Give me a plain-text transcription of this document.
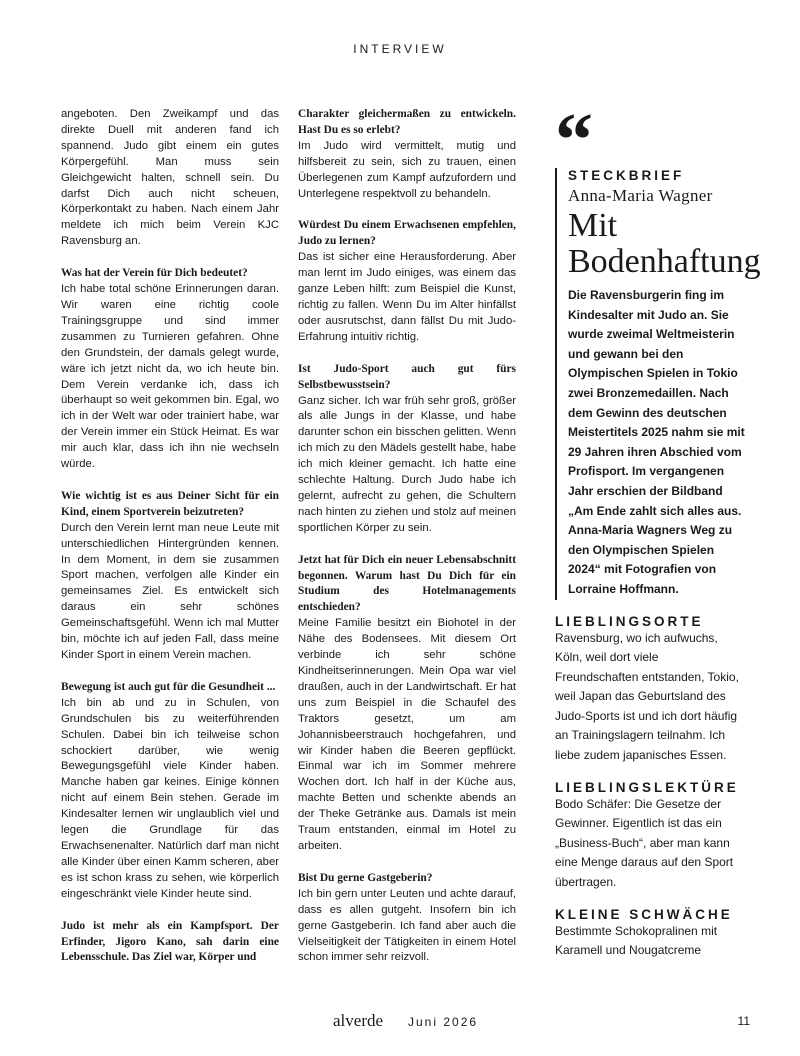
INTERVIEW

angeboten. Den Zweikampf und das direkte Duell mit anderen fand ich spannend. Judo gibt einem ein gutes Körpergefühl. Man muss sein Gleichgewicht halten, schnell sein. Du darfst Dich auch nicht scheuen, Körperkontakt zu haben. Nach einem Jahr meldete ich mich beim Verein KJC Ravensburg an.

Was hat der Verein für Dich bedeutet?

Ich habe total schöne Erinnerungen daran. Wir waren eine richtig coole Trainingsgruppe und sind immer zusammen zu Turnieren gefahren. Ohne den Grundstein, der damals gelegt wurde, wäre ich jetzt nicht da, wo ich heute bin. Dem Verein verdanke ich, dass ich überhaupt so weit gekommen bin. Egal, wo ich in der Welt war oder trainiert habe, war der Verein immer ein Stück Heimat. Es war mir auch klar, dass ich ihn nie wechseln würde.

Wie wichtig ist es aus Deiner Sicht für ein Kind, einem Sportverein beizutreten?

Durch den Verein lernt man neue Leute mit unterschiedlichen Hintergründen kennen. In dem Moment, in dem sie zusammen Sport machen, verfolgen alle Kinder ein gemeinsames Ziel. Es entwickelt sich daraus ein sehr schönes Gemeinschaftsgefühl. Wenn ich mal Mutter bin, möchte ich auf jeden Fall, dass meine Kinder Sport in einem Verein machen.

Bewegung ist auch gut für die Gesundheit ...

Ich bin ab und zu in Schulen, von Grundschulen bis zu weiterführenden Schulen. Dabei bin ich teilweise schon schockiert darüber, wie wenig Bewegungsgefühl viele Kinder haben. Manche haben gar keines. Einige können nicht auf einem Bein stehen. Gerade im Kindesalter lernen wir unglaublich viel und legen die Grundlage für das Erwachsenenalter. Natürlich darf man nicht alle Kinder über einen Kamm scheren, aber es ist schon krass zu sehen, wie körperlich eingeschränkt viele Kinder heute sind.

Judo ist mehr als ein Kampfsport. Der Erfinder, Jigoro Kano, sah darin eine Lebensschule. Das Ziel war, Körper und

Charakter gleichermaßen zu entwickeln. Hast Du es so erlebt?

Im Judo wird vermittelt, mutig und hilfsbereit zu sein, sich zu trauen, einen Überlegenen zum Kampf aufzufordern und Unterlegene respektvoll zu behandeln.

Würdest Du einem Erwachsenen empfehlen, Judo zu lernen?

Das ist sicher eine Herausforderung. Aber man lernt im Judo einiges, was einem das ganze Leben hilft: zum Beispiel die Kunst, richtig zu fallen. Wenn Du im Alter hinfällst oder ausrutschst, dann fällst Du mit Judo-Erfahrung intuitiv richtig.

Ist Judo-Sport auch gut fürs Selbstbewusstsein?

Ganz sicher. Ich war früh sehr groß, größer als alle Jungs in der Klasse, und habe darunter schon ein bisschen gelitten. Wenn ich mich zu den Mädels gestellt habe, habe ich mich kleiner gemacht. Ich hatte eine schlechte Haltung. Durch Judo habe ich gelernt, aufrecht zu gehen, die Schultern nach hinten zu ziehen und stolz auf meinen sportlichen Körper zu sein.

Jetzt hat für Dich ein neuer Lebensabschnitt begonnen. Warum hast Du Dich für ein Studium des Hotelmanagements entschieden?

Meine Familie besitzt ein Biohotel in der Nähe des Bodensees. Mit diesem Ort verbinde ich sehr schöne Kindheitserinnerungen. Mein Opa war viel draußen, auch in der Landwirtschaft. Er hat uns zum Beispiel in die Schaufel des Traktors gesetzt, um am Johannisbeerstrauch hochgefahren, und wir Kinder haben die Beeren gepflückt. Einmal war ich im Sommer mehrere Wochen dort. Ich half in der Küche aus, machte Betten und schenkte abends an der Theke Getränke aus. Damals ist mein Traum entstanden, einmal im Hotel zu arbeiten.

Bist Du gerne Gastgeberin?

Ich bin gern unter Leuten und achte darauf, dass es allen gutgeht. Insofern bin ich gerne Gastgeberin. Ich fand aber auch die Vielseitigkeit der Tätigkeiten in einem Hotel schon immer sehr reizvoll.

“

STECKBRIEF

Anna-Maria Wagner

Mit Bodenhaftung

Die Ravensburgerin fing im Kindesalter mit Judo an. Sie wurde zweimal Weltmeisterin und gewann bei den Olympischen Spielen in Tokio zwei Bronzemedaillen. Nach dem Gewinn des deutschen Meistertitels 2025 nahm sie mit 29 Jahren ihren Abschied vom Profisport. Im vergangenen Jahr erschien der Bildband „Am Ende zahlt sich alles aus. Anna-Maria Wagners Weg zu den Olympischen Spielen 2024“ mit Fotografien von Lorraine Hoffmann.

LIEBLINGSORTE

Ravensburg, wo ich aufwuchs, Köln, weil dort viele Freundschaften entstanden, Tokio, weil Japan das Geburtsland des Judo-Sports ist und ich dort häufig an Trainingslagern teilnahm. Ich liebe zudem japanisches Essen.

LIEBLINGSLEKTÜRE

Bodo Schäfer: Die Gesetze der Gewinner. Eigentlich ist das ein „Business-Buch“, aber man kann eine Menge daraus auf den Sport übertragen.

KLEINE SCHWÄCHE

Bestimmte Schokopralinen mit Karamell und Nougatcreme

alverde Juni 2026	11
